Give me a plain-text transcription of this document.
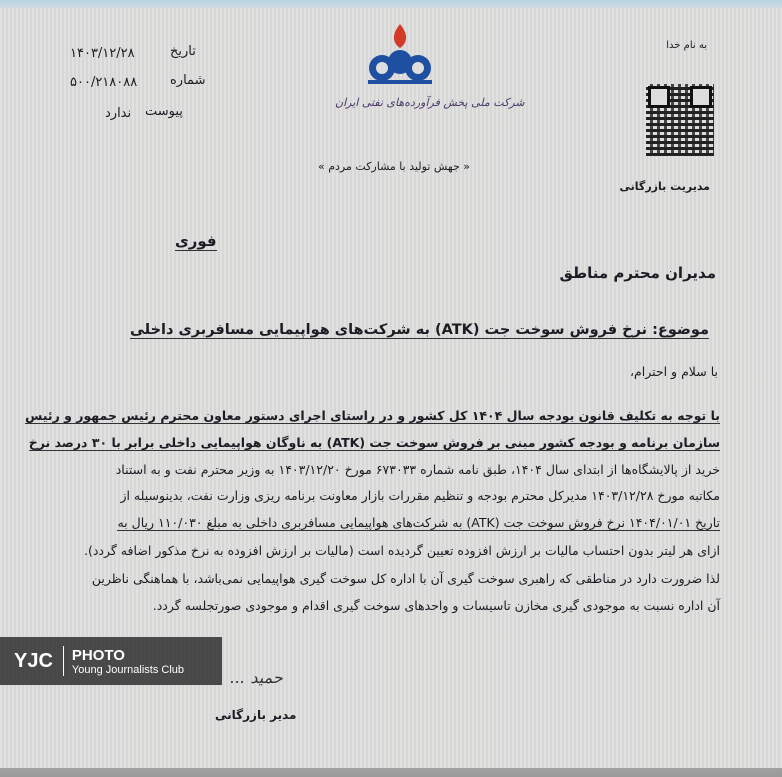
۱۴۰۳/۱۲/۲۸	تاریخ
۵۰۰/۲۱۸۰۸۸	شماره
ندارد پیوست
شرکت ملی پخش فرآورده‌های نفتی ایران
« جهش تولید با مشارکت مردم »
به نام خدا
مدیریت بازرگانی
فوری
مدیران محترم مناطق
موضوع: نرخ فروش سوخت جت (ATK) به شرکت‌های هواپیمایی مسافربری داخلی
با سلام و احترام،
با توجه به تکلیف قانون بودجه سال ۱۴۰۴ کل کشور و در راستای اجرای دستور معاون محترم رئیس جمهور و رئیس
سازمان برنامه و بودجه کشور مبنی بر فروش سوخت جت (ATK) به ناوگان هواپیمایی داخلی برابر با ۳۰ درصد نرخ
خرید از پالایشگاه‌ها از ابتدای سال ۱۴۰۴، طبق نامه شماره ۶۷۳۰۳۳ مورخ ۱۴۰۳/۱۲/۲۰ به وزیر محترم نفت و به استناد
مکاتبه مورخ ۱۴۰۳/۱۲/۲۸ مدیرکل محترم بودجه و تنظیم مقررات بازار معاونت برنامه ریزی وزارت نفت، بدینوسیله از
تاریخ ۱۴۰۴/۰۱/۰۱ نرخ فروش سوخت جت (ATK) به شرکت‌های هواپیمایی مسافربری داخلی به مبلغ ۱۱۰/۰۳۰ ریال به
ازای هر لیتر بدون احتساب مالیات بر ارزش افزوده تعیین گردیده است (مالیات بر ارزش افزوده به نرخ مذکور اضافه گردد).
لذا ضرورت دارد در مناطقی که راهبری سوخت گیری آن با اداره کل سوخت گیری هواپیمایی نمی‌باشد، با هماهنگی ناظرین
آن اداره نسبت به موجودی گیری مخازن تاسیسات و واحدهای سوخت گیری اقدام و موجودی صورتجلسه گردد.
حمید ...
مدیر بازرگانی
YJC PHOTO
Young Journalists Club
